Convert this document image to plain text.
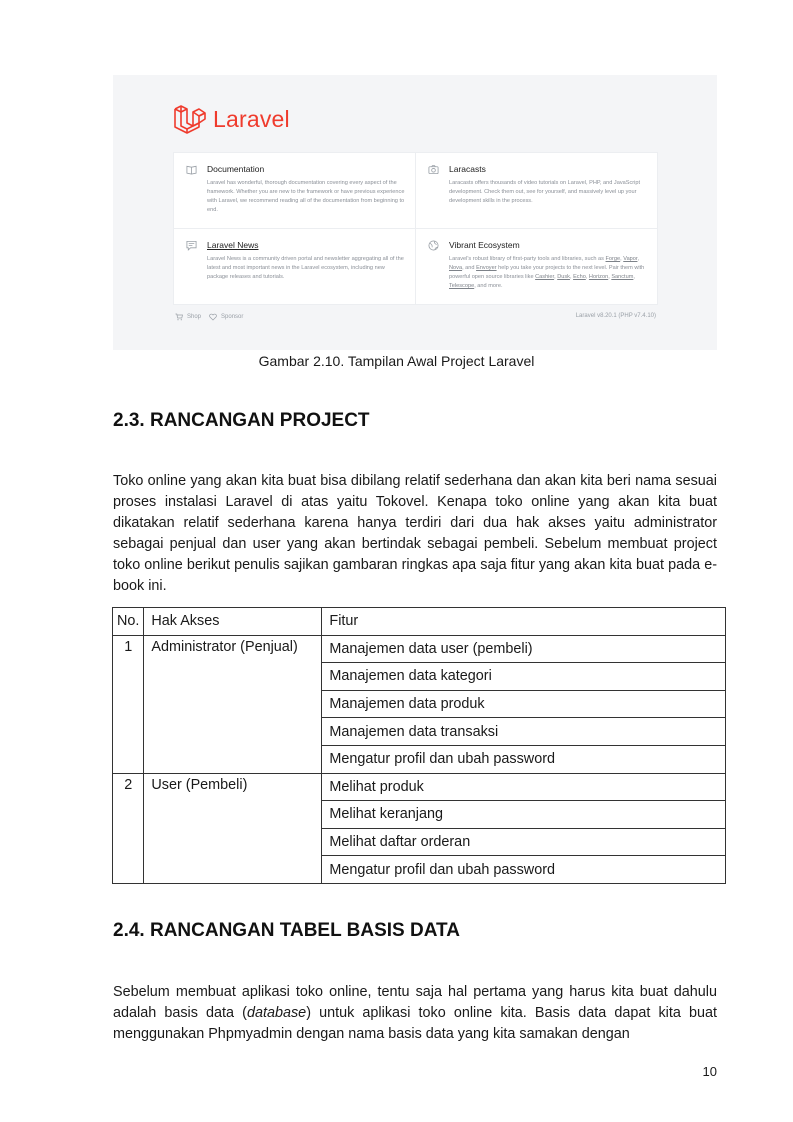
Laravel
Documentation
Laravel has wonderful, thorough documentation covering every aspect of the framework. Whether you are new to the framework or have previous experience with Laravel, we recommend reading all of the documentation from beginning to end.
Laracasts
Laracasts offers thousands of video tutorials on Laravel, PHP, and JavaScript development. Check them out, see for yourself, and massively level up your development skills in the process.
Laravel News
Laravel News is a community driven portal and newsletter aggregating all of the latest and most important news in the Laravel ecosystem, including new package releases and tutorials.
Vibrant Ecosystem
Laravel's robust library of first-party tools and libraries, such as Forge, Vapor, Nova, and Envoyer help you take your projects to the next level. Pair them with powerful open source libraries like Cashier, Dusk, Echo, Horizon, Sanctum, Telescope, and more.
Shop	Sponsor	Laravel v8.20.1 (PHP v7.4.10)
Gambar 2.10. Tampilan Awal Project Laravel
2.3. RANCANGAN PROJECT

Toko online yang akan kita buat bisa dibilang relatif sederhana dan akan kita beri nama sesuai proses instalasi Laravel di atas yaitu Tokovel. Kenapa toko online yang akan kita buat dikatakan relatif sederhana karena hanya terdiri dari dua hak akses yaitu administrator sebagai penjual dan user yang akan bertindak sebagai pembeli. Sebelum membuat project toko online berikut penulis sajikan gambaran ringkas apa saja fitur yang akan kita buat pada e-book ini.

No.	Hak Akses	Fitur
1	Administrator (Penjual)	Manajemen data user (pembeli)
		Manajemen data kategori
		Manajemen data produk
		Manajemen data transaksi
		Mengatur profil dan ubah password
2	User (Pembeli)	Melihat produk
		Melihat keranjang
		Melihat daftar orderan
		Mengatur profil dan ubah password
2.4. RANCANGAN TABEL BASIS DATA

Sebelum membuat aplikasi toko online, tentu saja hal pertama yang harus kita buat dahulu adalah basis data (database) untuk aplikasi toko online kita. Basis data dapat kita buat menggunakan Phpmyadmin dengan nama basis data yang kita samakan dengan

10
